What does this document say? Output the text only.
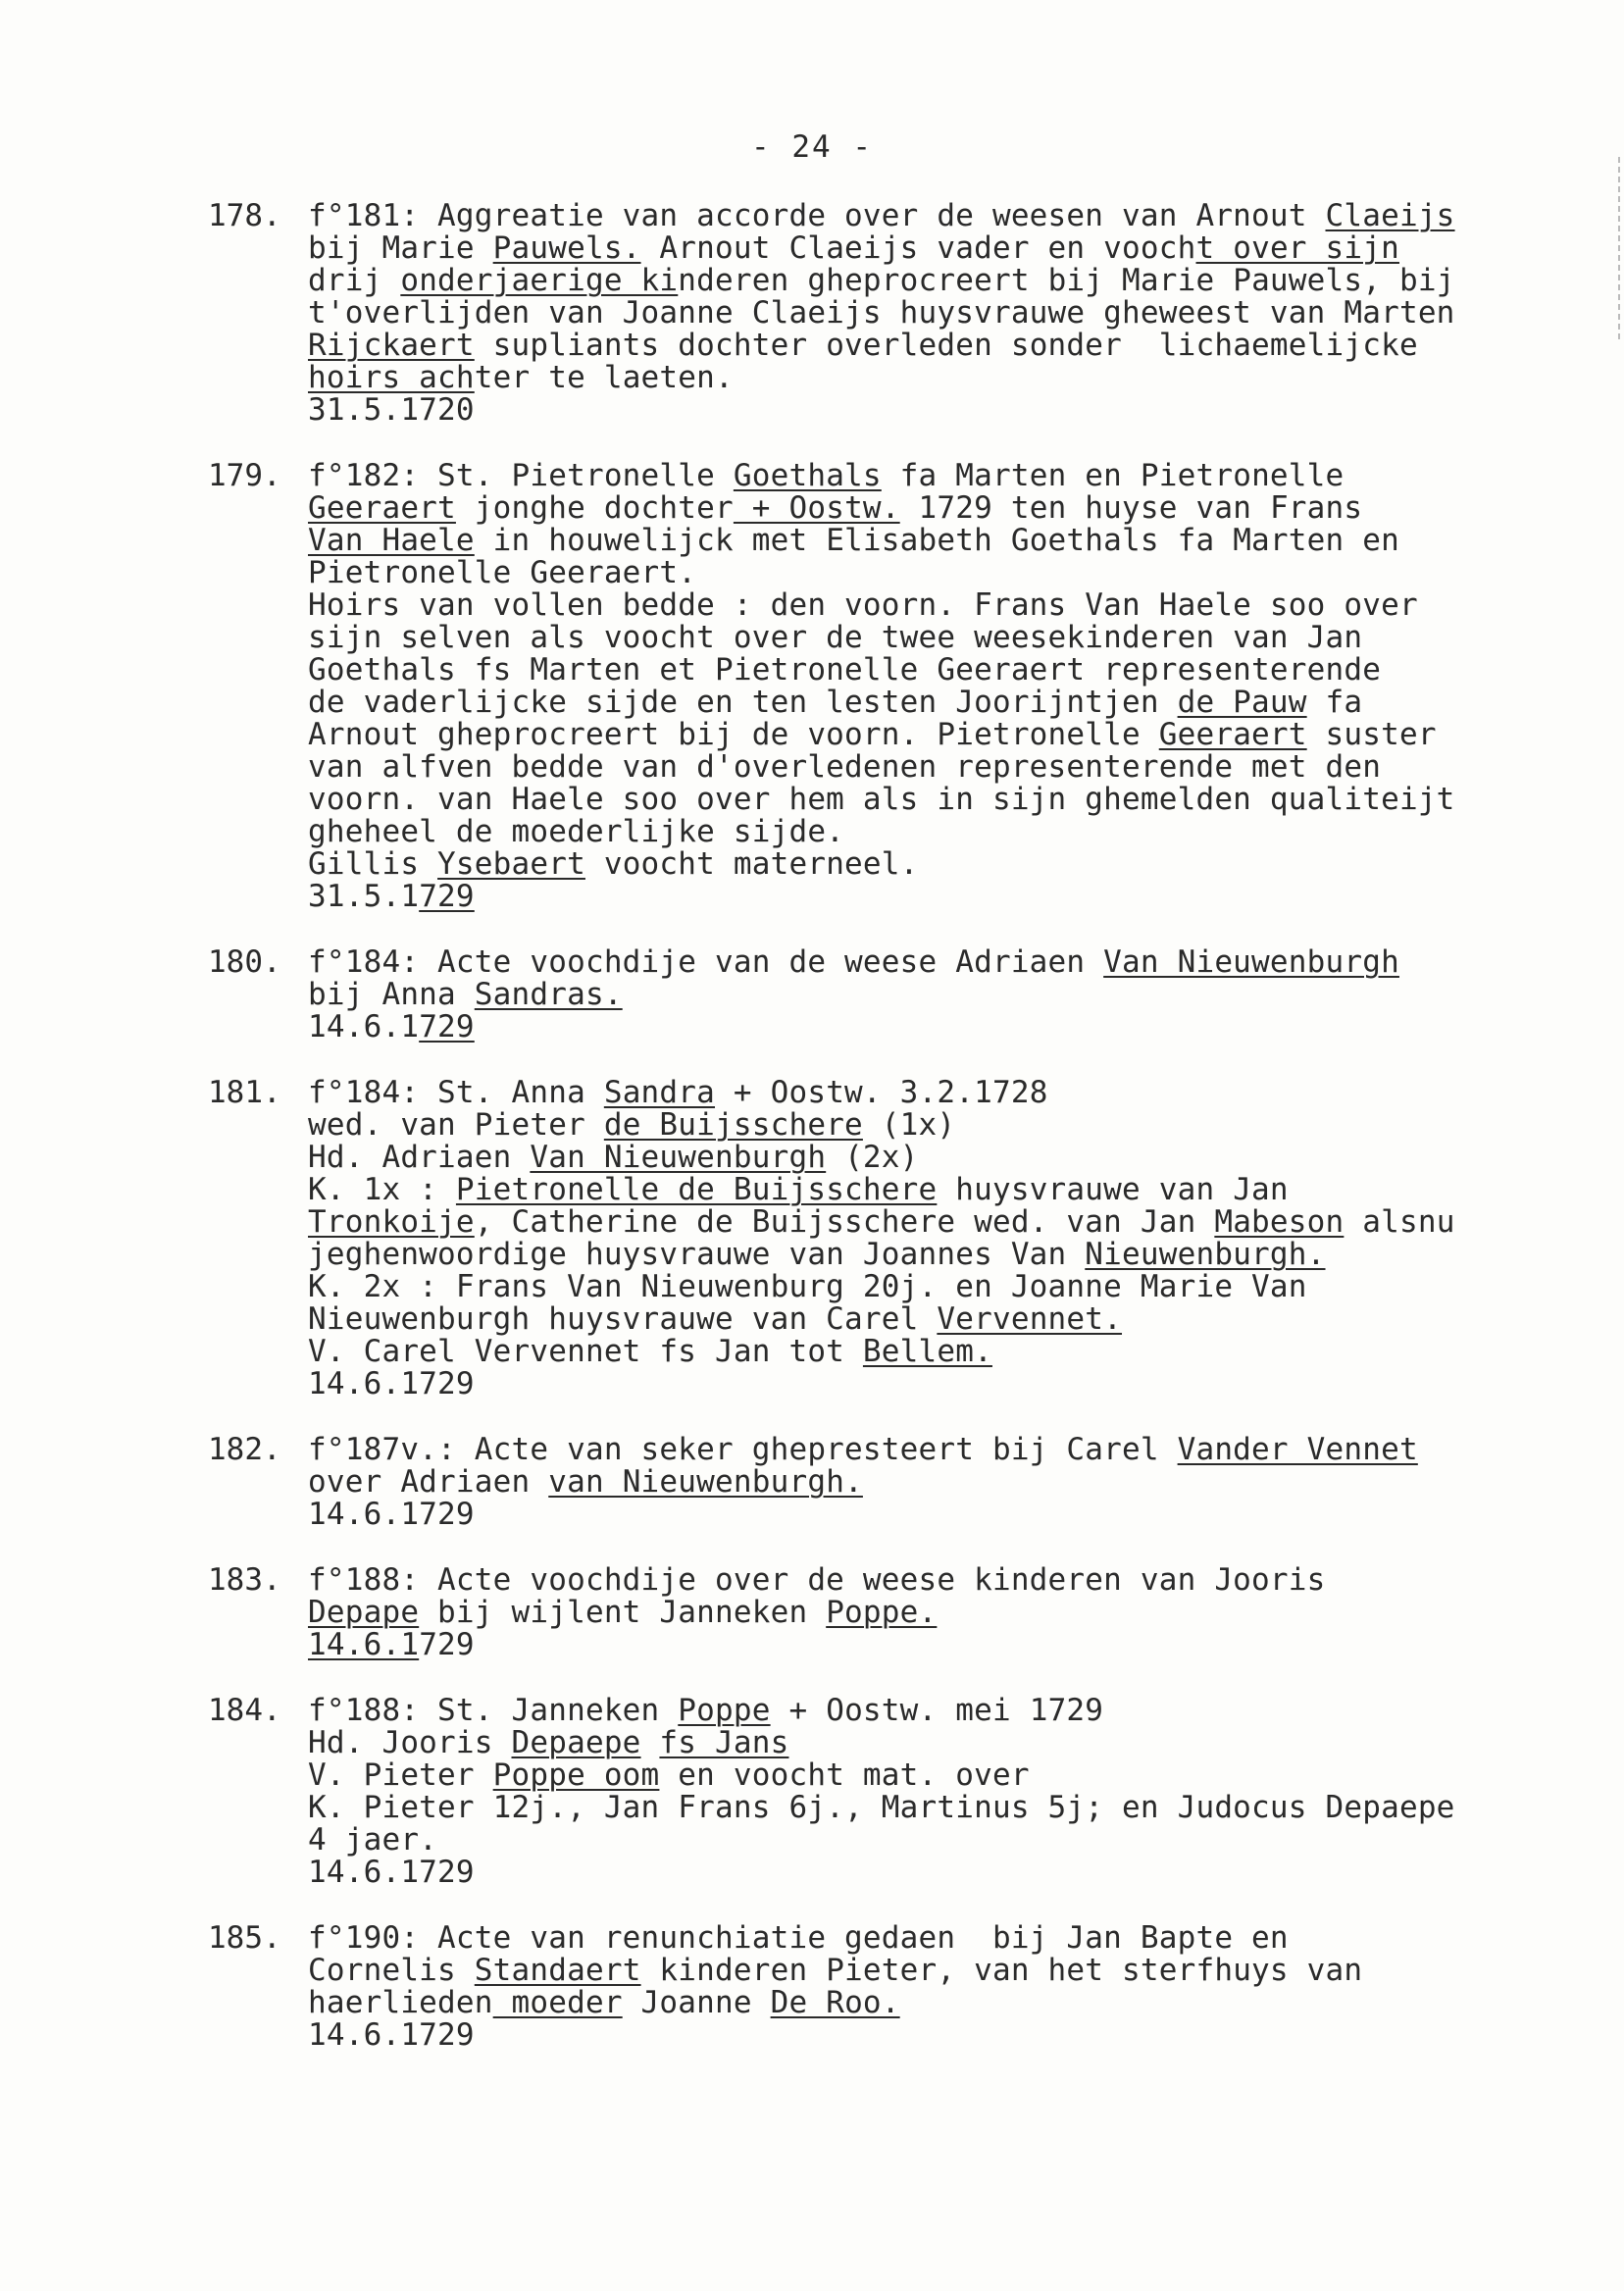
- 24 -
178. f°181: Aggreatie van accorde over de weesen van Arnout Claeijs
bij Marie Pauwels. Arnout Claeijs vader en voocht over sijn
drij onderjaerige kinderen gheprocreert bij Marie Pauwels, bij
t'overlijden van Joanne Claeijs huysvrauwe gheweest van Marten
Rijckaert supliants dochter overleden sonder  lichaemelijcke
hoirs achter te laeten.
31.5.1720
179. f°182: St. Pietronelle Goethals fa Marten en Pietronelle
Geeraert jonghe dochter + Oostw. 1729 ten huyse van Frans
Van Haele in houwelijck met Elisabeth Goethals fa Marten en
Pietronelle Geeraert.
Hoirs van vollen bedde : den voorn. Frans Van Haele soo over
sijn selven als voocht over de twee weesekinderen van Jan
Goethals fs Marten et Pietronelle Geeraert representerende
de vaderlijcke sijde en ten lesten Joorijntjen de Pauw fa
Arnout gheprocreert bij de voorn. Pietronelle Geeraert suster
van alfven bedde van d'overledenen representerende met den
voorn. van Haele soo over hem als in sijn ghemelden qualiteijt
gheheel de moederlijke sijde.
Gillis Ysebaert voocht materneel.
31.5.1729
180. f°184: Acte voochdije van de weese Adriaen Van Nieuwenburgh
bij Anna Sandras.
14.6.1729
181. f°184: St. Anna Sandra + Oostw. 3.2.1728
wed. van Pieter de Buijsschere (1x)
Hd. Adriaen Van Nieuwenburgh (2x)
K. 1x : Pietronelle de Buijsschere huysvrauwe van Jan
Tronkoije, Catherine de Buijsschere wed. van Jan Mabeson alsnu
jeghenwoordige huysvrauwe van Joannes Van Nieuwenburgh.
K. 2x : Frans Van Nieuwenburg 20j. en Joanne Marie Van
Nieuwenburgh huysvrauwe van Carel Vervennet.
V. Carel Vervennet fs Jan tot Bellem.
14.6.1729
182. f°187v.: Acte van seker ghepresteert bij Carel Vander Vennet
over Adriaen van Nieuwenburgh.
14.6.1729
183. f°188: Acte voochdije over de weese kinderen van Jooris
Depape bij wijlent Janneken Poppe.
14.6.1729
184. f°188: St. Janneken Poppe + Oostw. mei 1729
Hd. Jooris Depaepe fs Jans
V. Pieter Poppe oom en voocht mat. over
K. Pieter 12j., Jan Frans 6j., Martinus 5j; en Judocus Depaepe
4 jaer.
14.6.1729
185. f°190: Acte van renunchiatie gedaen  bij Jan Bapte en
Cornelis Standaert kinderen Pieter, van het sterfhuys van
haerlieden moeder Joanne De Roo.
14.6.1729
